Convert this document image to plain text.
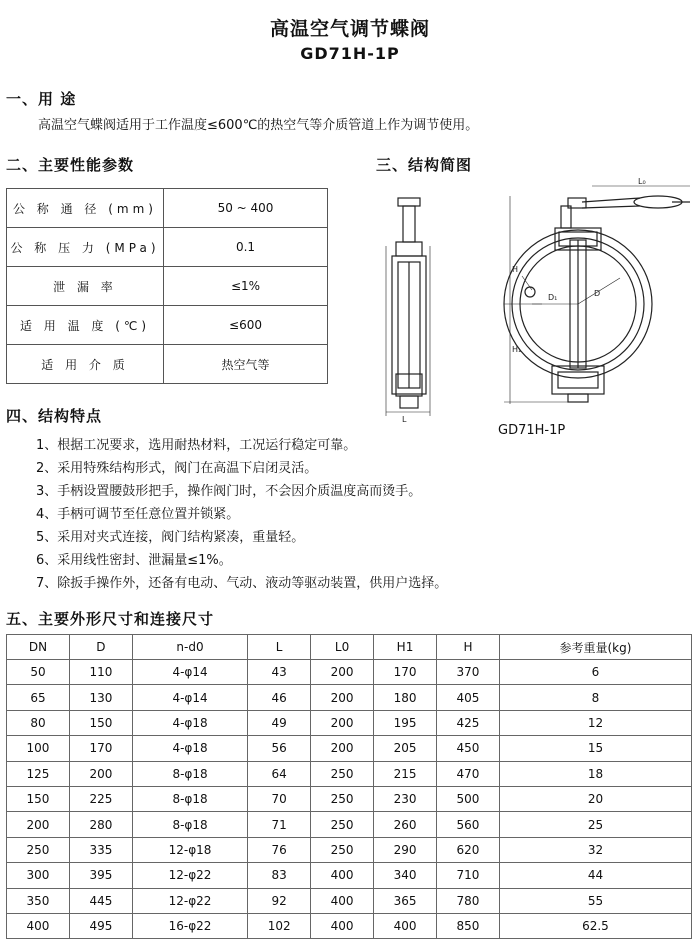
高温空气调节蝶阀
GD71H-1P
一、用 途
高温空气蝶阀适用于工作温度≤600℃的热空气等介质管道上作为调节使用。
二、主要性能参数
公 称 通 径 (mm)	50 ~ 400
公 称 压 力 (MPa)	0.1
泄 漏 率	≤1%
适 用 温 度 (℃)	≤600
适 用 介 质	热空气等
三、结构简图
L₀
L
D₁	D
H₁
H
GD71H-1P
四、结构特点
1、根据工况要求，选用耐热材料，工况运行稳定可靠。
2、采用特殊结构形式，阀门在高温下启闭灵活。
3、手柄设置腰鼓形把手，操作阀门时，不会因介质温度高而烫手。
4、手柄可调节至任意位置并锁紧。
5、采用对夹式连接，阀门结构紧凑，重量轻。
6、采用线性密封、泄漏量≤1%。
7、除扳手操作外，还备有电动、气动、液动等驱动装置，供用户选择。
五、主要外形尺寸和连接尺寸
DN	D	n-d0	L	L0	H1	H	参考重量(kg)
50	110	4-φ14	43	200	170	370	6
65	130	4-φ14	46	200	180	405	8
80	150	4-φ18	49	200	195	425	12
100	170	4-φ18	56	200	205	450	15
125	200	8-φ18	64	250	215	470	18
150	225	8-φ18	70	250	230	500	20
200	280	8-φ18	71	250	260	560	25
250	335	12-φ18	76	250	290	620	32
300	395	12-φ22	83	400	340	710	44
350	445	12-φ22	92	400	365	780	55
400	495	16-φ22	102	400	400	850	62.5
